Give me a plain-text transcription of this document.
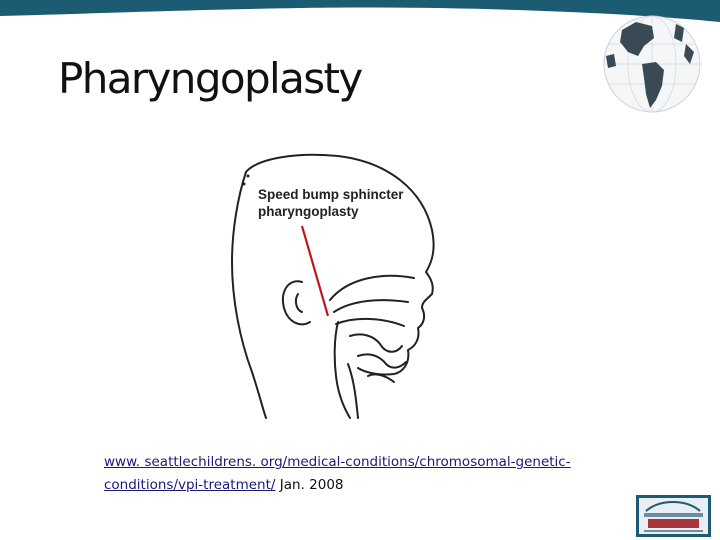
Pharyngoplasty
Speed bump sphincter
pharyngoplasty
www. seattlechildrens. org/medical-conditions/chromosomal-genetic-
conditions/vpi-treatment/ Jan. 2008
